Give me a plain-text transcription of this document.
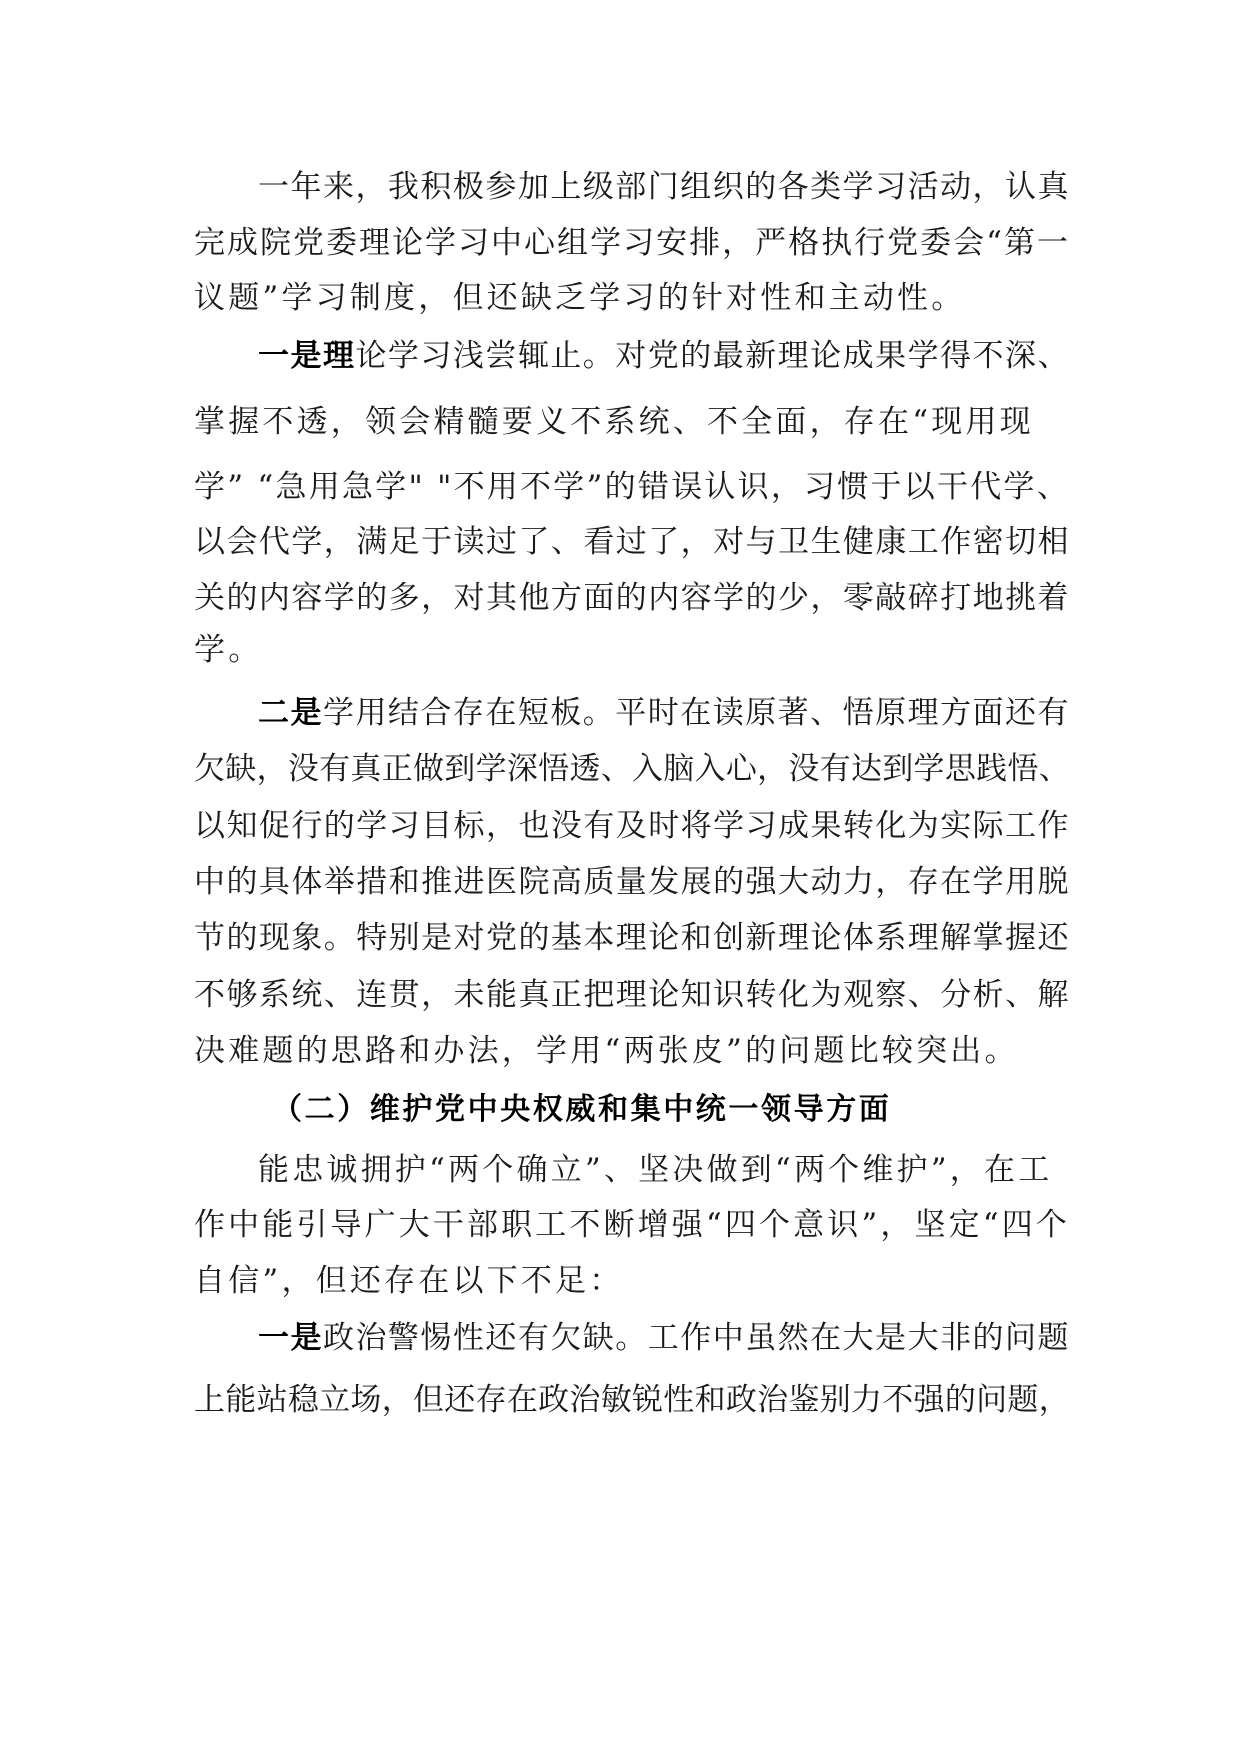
一年来，我积极参加上级部门组织的各类学习活动，认真
完成院党委理论学习中心组学习安排，严格执行党委会“第一
议题”学习制度，但还缺乏学习的针对性和主动性。
一是理论学习浅尝辄止。对党的最新理论成果学得不深、
掌握不透，领会精髓要义不系统、不全面，存在“现用现
学” “急用急学" "不用不学”的错误认识，习惯于以干代学、
以会代学，满足于读过了、看过了，对与卫生健康工作密切相
关的内容学的多，对其他方面的内容学的少，零敲碎打地挑着
学。
二是学用结合存在短板。平时在读原著、悟原理方面还有
欠缺，没有真正做到学深悟透、入脑入心，没有达到学思践悟、
以知促行的学习目标，也没有及时将学习成果转化为实际工作
中的具体举措和推进医院高质量发展的强大动力，存在学用脱
节的现象。特别是对党的基本理论和创新理论体系理解掌握还
不够系统、连贯，未能真正把理论知识转化为观察、分析、解
决难题的思路和办法，学用“两张皮”的问题比较突出。
（二）维护党中央权威和集中统一领导方面
能忠诚拥护“两个确立”、坚决做到“两个维护”，在工
作中能引导广大干部职工不断增强“四个意识”，坚定“四个
自信”，但还存在以下不足：
一是政治警惕性还有欠缺。工作中虽然在大是大非的问题
上能站稳立场，但还存在政治敏锐性和政治鉴别力不强的问题，
